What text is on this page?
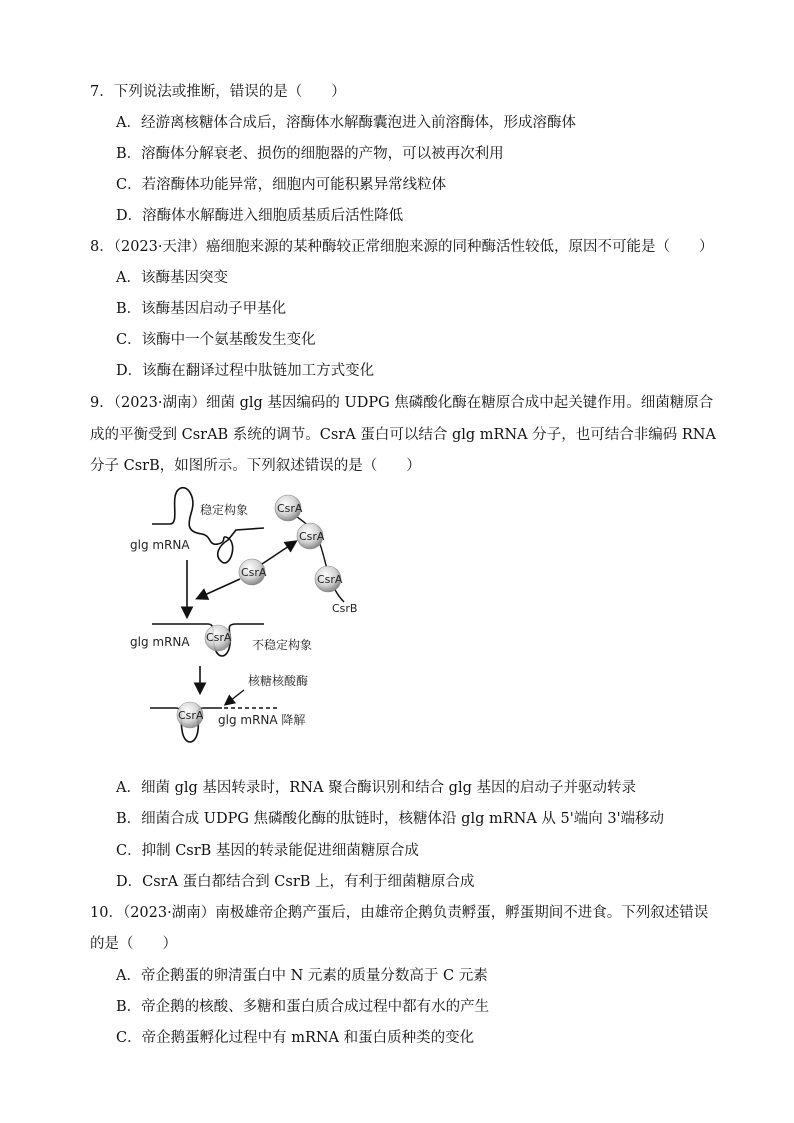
7．下列说法或推断，错误的是（　　）
A．经游离核糖体合成后，溶酶体水解酶囊泡进入前溶酶体，形成溶酶体
B．溶酶体分解衰老、损伤的细胞器的产物，可以被再次利用
C．若溶酶体功能异常，细胞内可能积累异常线粒体
D．溶酶体水解酶进入细胞质基质后活性降低
8．（2023·天津）癌细胞来源的某种酶较正常细胞来源的同种酶活性较低，原因不可能是（　　）
A．该酶基因突变
B．该酶基因启动子甲基化
C．该酶中一个氨基酸发生变化
D．该酶在翻译过程中肽链加工方式变化
9．（2023·湖南）细菌 glg 基因编码的 UDPG 焦磷酸化酶在糖原合成中起关键作用。细菌糖原合
成的平衡受到 CsrAB 系统的调节。CsrA 蛋白可以结合 glg mRNA 分子，也可结合非编码 RNA
分子 CsrB，如图所示。下列叙述错误的是（　　）
稳定构象
glg mRNA
CsrA
CsrA
CsrA
CsrB
CsrA
CsrA
glg mRNA	不稳定构象
核糖核酸酶
CsrA glg mRNA 降解
A．细菌 glg 基因转录时，RNA 聚合酶识别和结合 glg 基因的启动子并驱动转录
B．细菌合成 UDPG 焦磷酸化酶的肽链时，核糖体沿 glg mRNA 从 5'端向 3'端移动
C．抑制 CsrB 基因的转录能促进细菌糖原合成
D．CsrA 蛋白都结合到 CsrB 上，有利于细菌糖原合成
10．（2023·湖南）南极雄帝企鹅产蛋后，由雄帝企鹅负责孵蛋，孵蛋期间不进食。下列叙述错误
的是（　　）
A．帝企鹅蛋的卵清蛋白中 N 元素的质量分数高于 C 元素
B．帝企鹅的核酸、多糖和蛋白质合成过程中都有水的产生
C．帝企鹅蛋孵化过程中有 mRNA 和蛋白质种类的变化
